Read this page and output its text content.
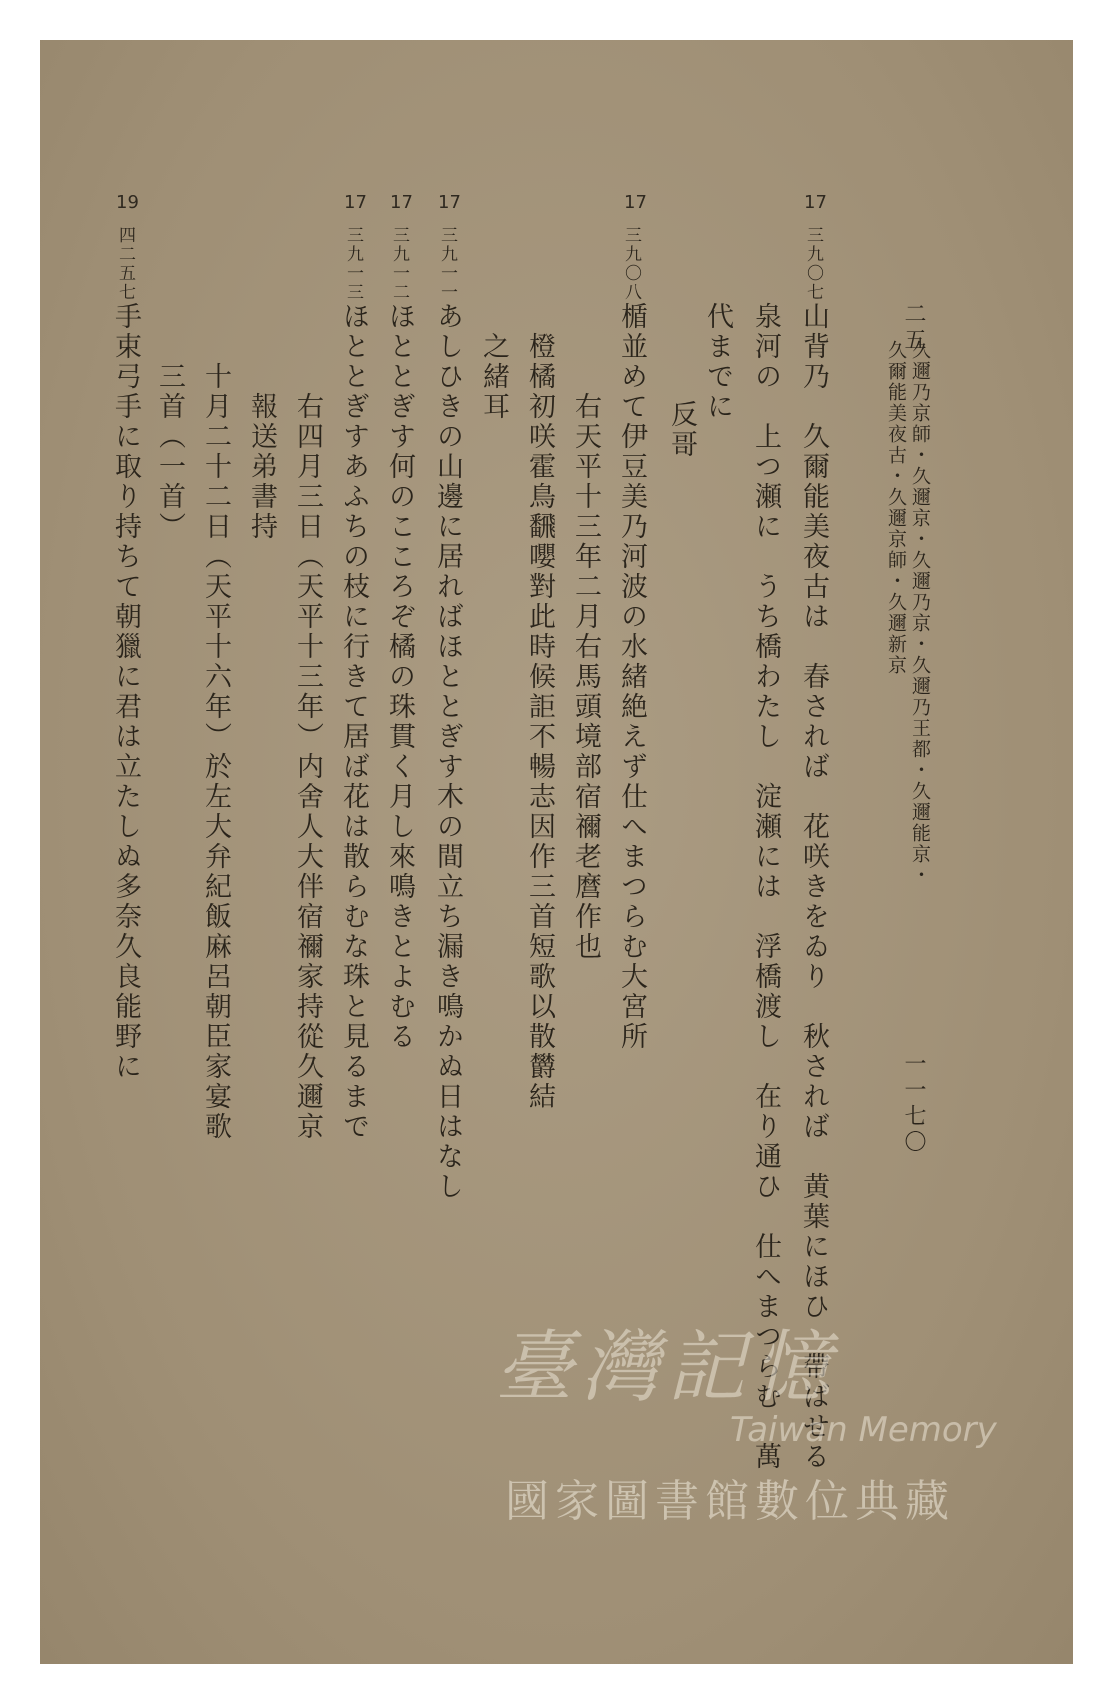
二五
久邇乃京師・久邇京・久邇乃京・久邇乃王都・久邇能京・
久爾能美夜古・久邇京師・久邇新京
一一七〇
17
三九〇七
山背乃　久爾能美夜古は　春されば　花咲きをゐり　秋されば　黄葉にほひ　帶ばせる
泉河の　上つ瀬に　うち橋わたし　淀瀬には　浮橋渡し　在り通ひ　仕へまつらむ　萬
代までに
　　反哥
17
三九〇八
楯並めて伊豆美乃河波の水緒絶えず仕へまつらむ大宮所
　　　右天平十三年二月右馬頭境部宿禰老麿作也
　橙橘初咲霍鳥飜嚶對此時候詎不暢志因作三首短歌以散欝結
　之緒耳
17
三九一一
あしひきの山邊に居ればほととぎす木の間立ち漏き鳴かぬ日はなし
17
三九一二
ほととぎす何のこころぞ橘の珠貫く月し來鳴きとよむる
17
三九一三
ほととぎすあふちの枝に行きて居ば花は散らむな珠と見るまで
　　　右四月三日（天平十三年）内舍人大伴宿禰家持從久邇京
　　　報送弟書持
　　十月二十二日（天平十六年）於左大弁紀飯麻呂朝臣家宴歌
　　三首（一首）
19
四二五七
手束弓手に取り持ちて朝獵に君は立たしぬ多奈久良能野に
臺灣記憶
Taiwan Memory
國家圖書館數位典藏
